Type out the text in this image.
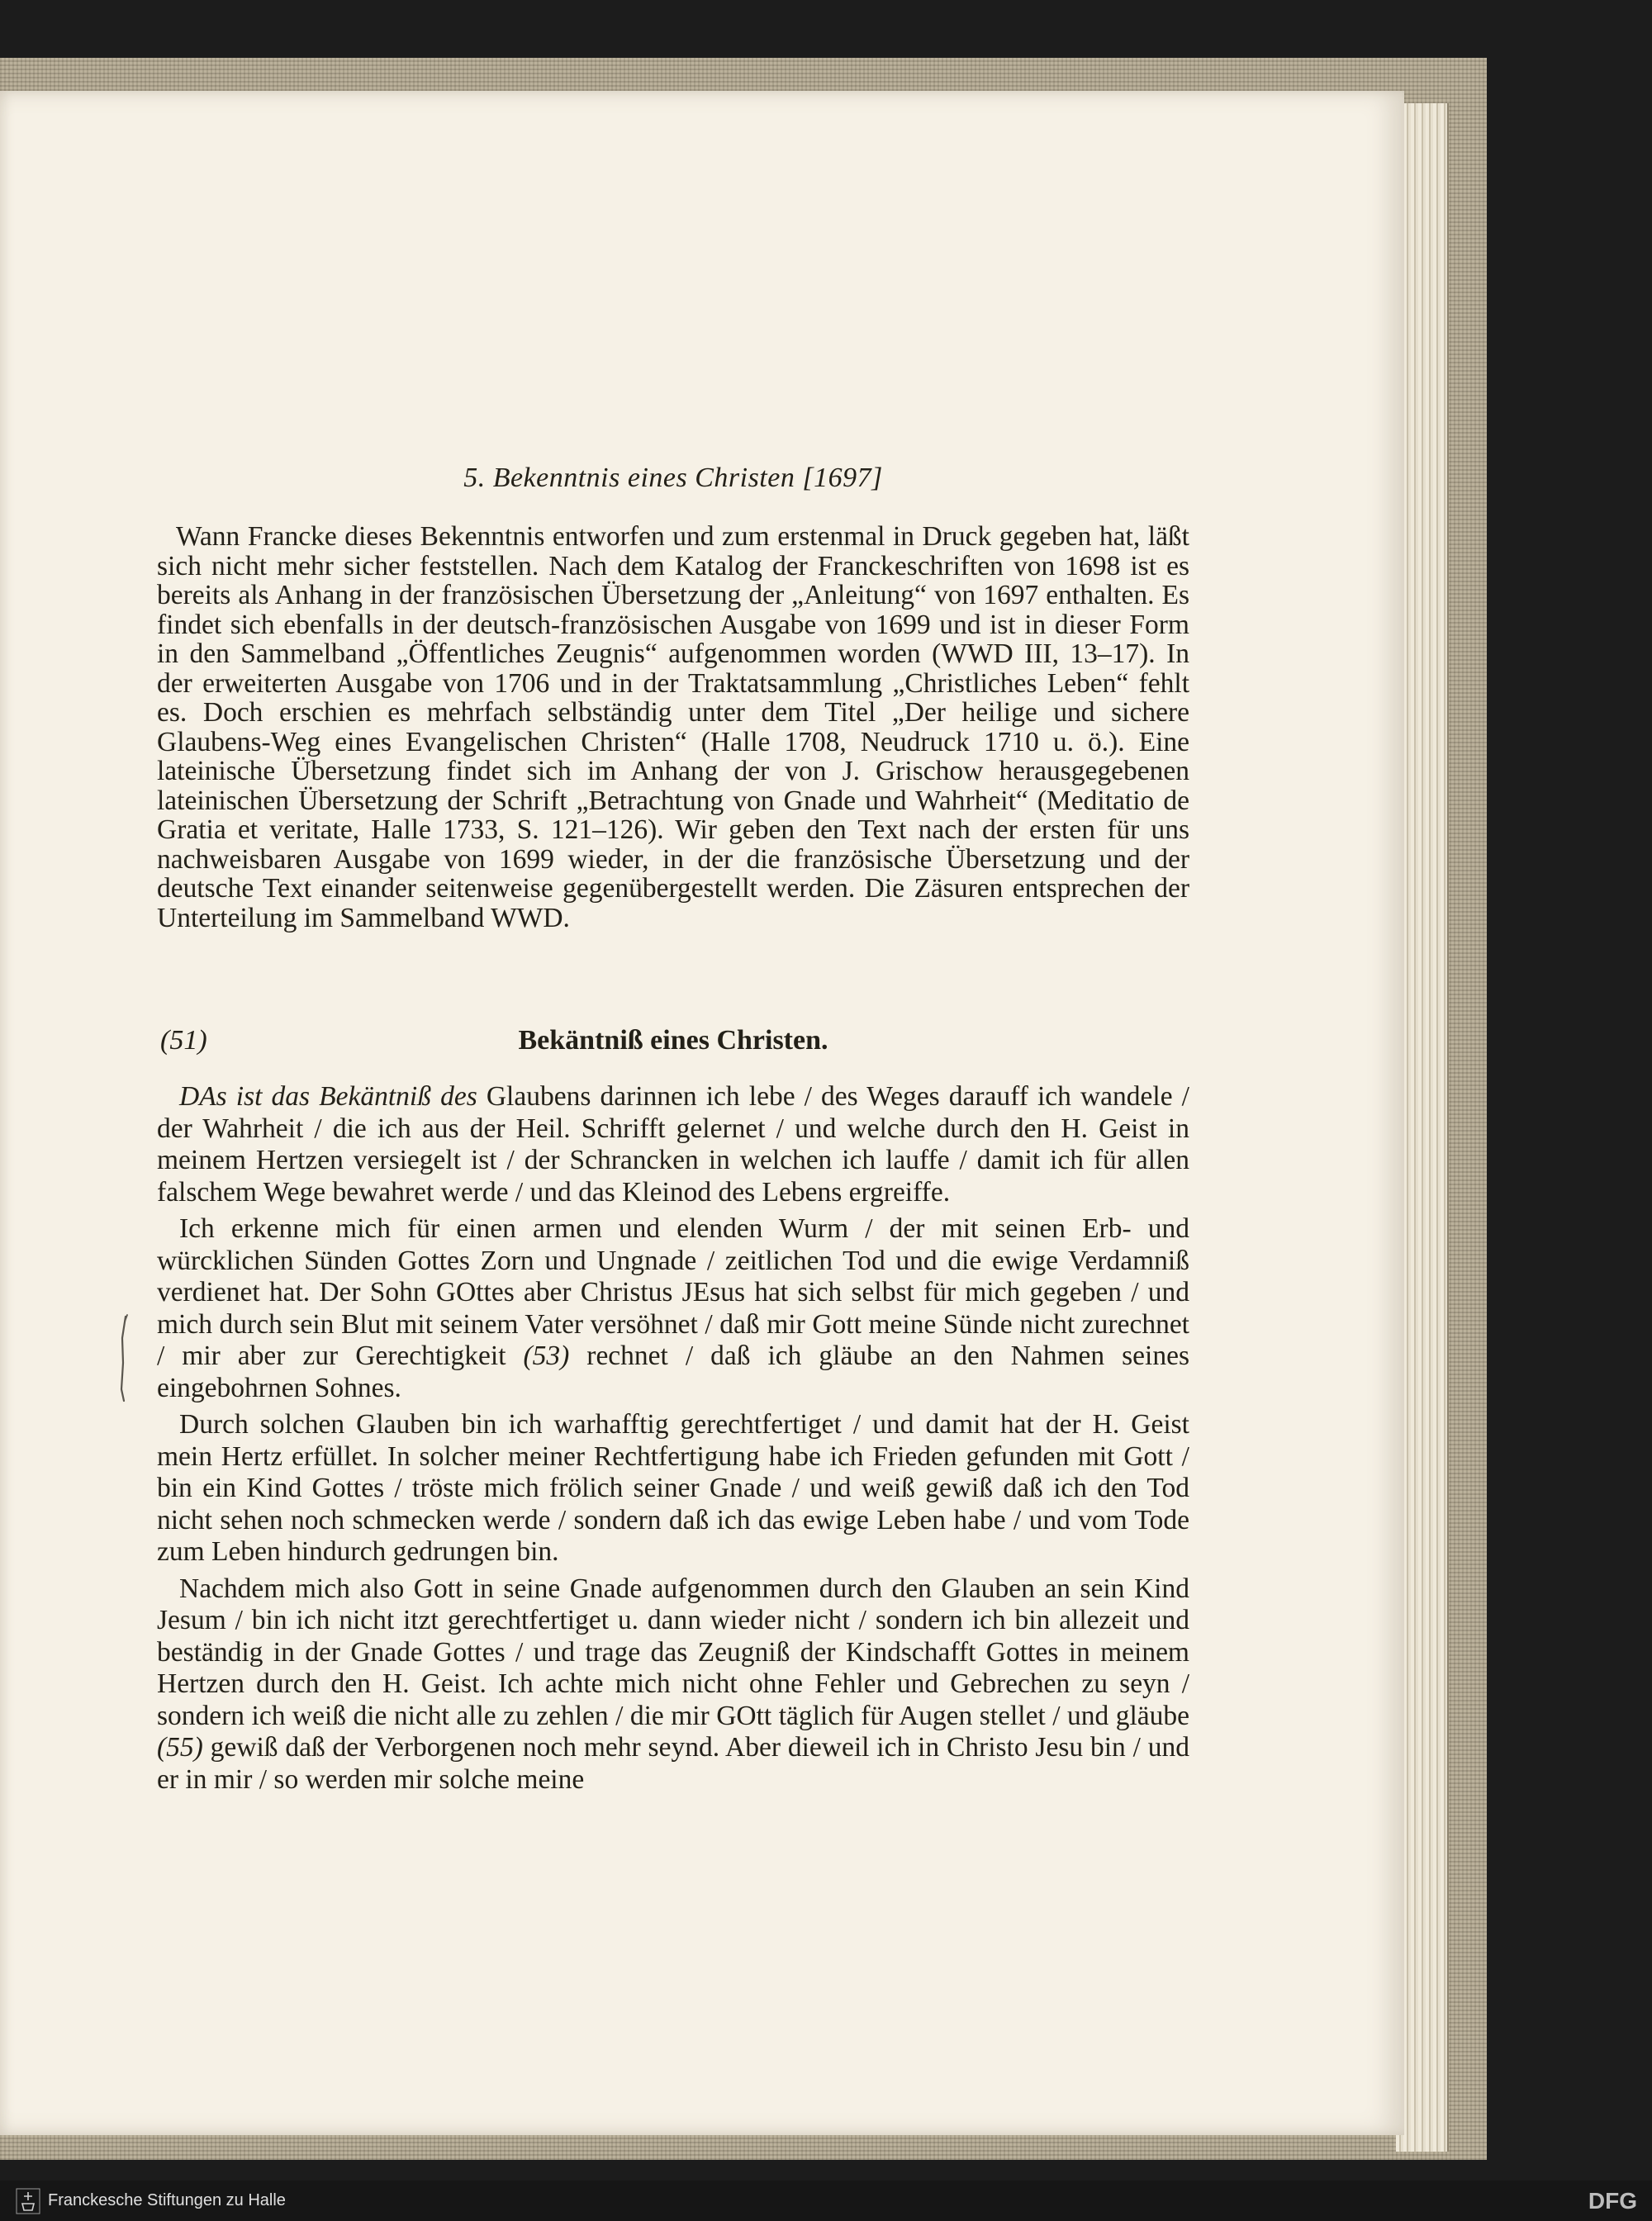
5. Bekenntnis eines Christen [1697]

Wann Francke dieses Bekenntnis entworfen und zum erstenmal in Druck gegeben hat, läßt sich nicht mehr sicher feststellen. Nach dem Katalog der Franckeschriften von 1698 ist es bereits als Anhang in der französischen Übersetzung der „Anleitung“ von 1697 enthalten. Es findet sich ebenfalls in der deutsch-französischen Ausgabe von 1699 und ist in dieser Form in den Sammelband „Öffentliches Zeugnis“ aufgenommen worden (WWD III, 13–17). In der erweiterten Ausgabe von 1706 und in der Traktatsammlung „Christliches Leben“ fehlt es. Doch erschien es mehrfach selbständig unter dem Titel „Der heilige und sichere Glaubens-Weg eines Evangelischen Christen“ (Halle 1708, Neudruck 1710 u. ö.). Eine lateinische Übersetzung findet sich im Anhang der von J. Grischow herausgegebenen lateinischen Übersetzung der Schrift „Betrachtung von Gnade und Wahrheit“ (Meditatio de Gratia et veritate, Halle 1733, S. 121–126). Wir geben den Text nach der ersten für uns nachweisbaren Ausgabe von 1699 wieder, in der die französische Übersetzung und der deutsche Text einander seitenweise gegenübergestellt werden. Die Zäsuren entsprechen der Unterteilung im Sammelband WWD.

(51)	Bekäntniß eines Christen.

DAs ist das Bekäntniß des Glaubens darinnen ich lebe / des Weges darauff ich wandele / der Wahrheit / die ich aus der Heil. Schrifft gelernet / und welche durch den H. Geist in meinem Hertzen versiegelt ist / der Schrancken in welchen ich lauffe / damit ich für allen falschem Wege bewahret werde / und das Kleinod des Lebens ergreiffe.

Ich erkenne mich für einen armen und elenden Wurm / der mit seinen Erb- und würcklichen Sünden Gottes Zorn und Ungnade / zeitlichen Tod und die ewige Verdamniß verdienet hat. Der Sohn GOttes aber Christus JEsus hat sich selbst für mich gegeben / und mich durch sein Blut mit seinem Vater versöhnet / daß mir Gott meine Sünde nicht zurechnet / mir aber zur Gerechtigkeit (53) rechnet / daß ich gläube an den Nahmen seines eingebohrnen Sohnes.

Durch solchen Glauben bin ich warhafftig gerechtfertiget / und damit hat der H. Geist mein Hertz erfüllet. In solcher meiner Rechtfertigung habe ich Frieden gefunden mit Gott / bin ein Kind Gottes / tröste mich frölich seiner Gnade / und weiß gewiß daß ich den Tod nicht sehen noch schmecken werde / sondern daß ich das ewige Leben habe / und vom Tode zum Leben hindurch gedrungen bin.

Nachdem mich also Gott in seine Gnade aufgenommen durch den Glauben an sein Kind Jesum / bin ich nicht itzt gerechtfertiget u. dann wieder nicht / sondern ich bin allezeit und beständig in der Gnade Gottes / und trage das Zeugniß der Kindschafft Gottes in meinem Hertzen durch den H. Geist. Ich achte mich nicht ohne Fehler und Gebrechen zu seyn / sondern ich weiß die nicht alle zu zehlen / die mir GOtt täglich für Augen stellet / und gläube (55) gewiß daß der Verborgenen noch mehr seynd. Aber dieweil ich in Christo Jesu bin / und er in mir / so werden mir solche meine

Franckesche Stiftungen zu Halle	DFG
